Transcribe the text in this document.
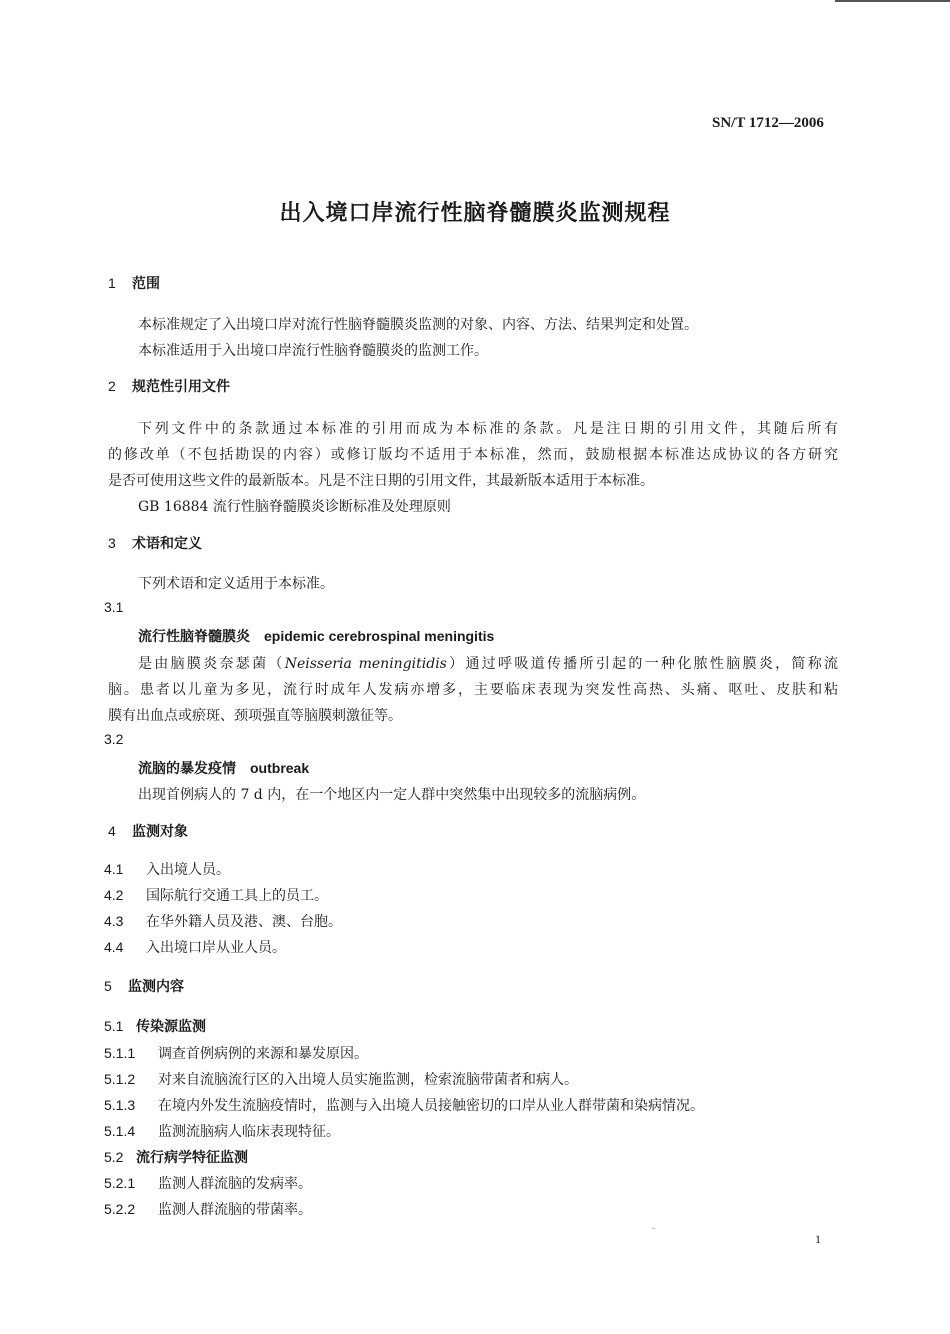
SN/T 1712—2006
出入境口岸流行性脑脊髓膜炎监测规程
1 范围
本标准规定了入出境口岸对流行性脑脊髓膜炎监测的对象、内容、方法、结果判定和处置。
本标准适用于入出境口岸流行性脑脊髓膜炎的监测工作。
2 规范性引用文件
下列文件中的条款通过本标准的引用而成为本标准的条款。凡是注日期的引用文件，其随后所有
的修改单（不包括勘误的内容）或修订版均不适用于本标准，然而，鼓励根据本标准达成协议的各方研究
是否可使用这些文件的最新版本。凡是不注日期的引用文件，其最新版本适用于本标准。
GB 16884 流行性脑脊髓膜炎诊断标准及处理原则
3 术语和定义
下列术语和定义适用于本标准。
3.1
流行性脑脊髓膜炎 epidemic cerebrospinal meningitis
是由脑膜炎奈瑟菌（Neisseria meningitidis）通过呼吸道传播所引起的一种化脓性脑膜炎，简称流
脑。患者以儿童为多见，流行时成年人发病亦增多，主要临床表现为突发性高热、头痛、呕吐、皮肤和粘
膜有出血点或瘀斑、颈项强直等脑膜刺激征等。
3.2
流脑的暴发疫情 outbreak
出现首例病人的 7 d 内，在一个地区内一定人群中突然集中出现较多的流脑病例。
4 监测对象
4.1 入出境人员。
4.2 国际航行交通工具上的员工。
4.3 在华外籍人员及港、澳、台胞。
4.4 入出境口岸从业人员。
5 监测内容
5.1 传染源监测
5.1.1 调查首例病例的来源和暴发原因。
5.1.2 对来自流脑流行区的入出境人员实施监测，检索流脑带菌者和病人。
5.1.3 在境内外发生流脑疫情时，监测与入出境人员接触密切的口岸从业人群带菌和染病情况。
5.1.4 监测流脑病人临床表现特征。
5.2 流行病学特征监测
5.2.1 监测人群流脑的发病率。
5.2.2 监测人群流脑的带菌率。
1
